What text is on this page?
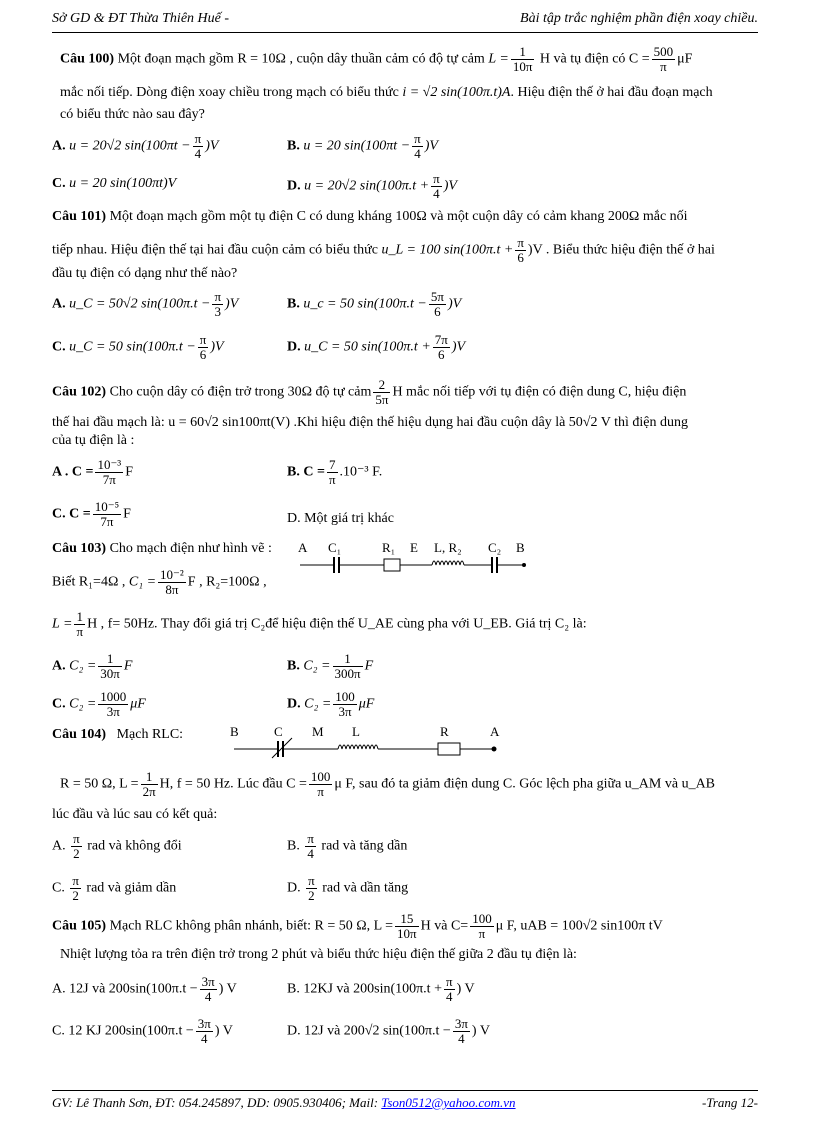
Sở GD & ĐT Thừa Thiên Huế -	Bài tập trắc nghiệm phần điện xoay chiều.
Câu 100) Một đoạn mạch gồm R = 10Ω , cuộn dây thuần cảm có độ tự cảm $L = \frac{1}{10\pi}$ H và tụ điện có $C = \frac{500}{\pi}$ μF
mắc nối tiếp. Dòng điện xoay chiều trong mạch có biểu thức i = √2 sin(100π.t)A. Hiệu điện thế ở hai đầu đoạn mạch
có biểu thức nào sau đây?
A. u = 20√2 $\sin(100\pi t - \frac{\pi}{4} )V$	B. u = 20 $\sin(100\pi t - \frac{\pi}{4} )V$
C. u = 20 sin(100πt)V	D. u = 20√2 $\sin(100\pi.t + \frac{\pi}{4} )V$
Câu 101) Một đoạn mạch gồm một tụ điện C có dung kháng 100Ω và một cuộn dây có cảm khang 200Ω mắc nối
tiếp nhau. Hiệu điện thế tại hai đầu cuộn cảm có biểu thức u_L = 100 $\sin(100\pi.t + \frac{\pi}{6} )V$ . Biểu thức hiệu điện thế ở hai
đầu tụ điện có dạng như thế nào?
A. u_C = 50√2 $\sin(100\pi.t - \frac{\pi}{3} )V$	B. u_c = 50 $\sin(100\pi.t - \frac{5\pi}{6} )V$
C. u_C = 50 $\sin(100\pi.t - \frac{\pi}{6} )V$	D. u_C = 50 $\sin(100\pi.t + \frac{7\pi}{6} )V$
Câu 102) Cho cuộn dây có điện trở trong 30Ω độ tự cảm $\frac{2}{5\pi}$ H mắc nối tiếp với tụ điện có điện dung C, hiệu điện
thế hai đầu mạch là: u = 60√2 sin100πt(V) .Khi hiệu điện thế hiệu dụng hai đầu cuộn dây là 50√2 V thì điện dung
của tụ điện là :
A . $C = \frac{\text{10⁻³}}{7\pi}$ F	B. $C = \frac{7}{\pi} .10^{-3}$ F.
C. $C = \frac{\text{10⁻⁵}}{7\pi}$ F	D. Một giá trị khác
Câu 103) Cho mạch điện như hình vẽ : A C₁	R₁ E L, R₂ C₂ B
Biết R₁=4Ω , $C_1 = \frac{\text{10⁻²}}{8\pi}$ F , R₂=100Ω ,
$L = \frac{1}{\pi}$ H , f= 50Hz. Thay đổi giá trị C₂để hiệu điện thế U_AE cùng pha với U_EB. Giá trị C₂ là:
A. $C_2 = \frac{1}{30\pi}$ F	B. $C_2 = \frac{1}{300\pi}$ F
C. $C_2 = \frac{1000}{3\pi}$ μF	D. $C_2 = \frac{100}{3\pi}$ μF
Câu 104) Mạch RLC:	B	C M L	R	A
R = 50 Ω, $L = \frac{1}{2\pi} H$, f = 50 Hz. Lúc đầu $C = \frac{100}{\pi}$ μ F, sau đó ta giảm điện dung C. Góc lệch pha giữa u_AM và u_AB
lúc đầu và lúc sau có kết quả:
A. $\frac{\pi}{2}$ rad và không đổi	B. $\frac{\pi}{4}$ rad và tăng dần
C. $\frac{\pi}{2}$ rad và giảm dần	D. $\frac{\pi}{2}$ rad và dần tăng
Câu 105) Mạch RLC không phân nhánh, biết: R = 50 Ω, $L = \frac{15}{10\pi}$ H và $C= \frac{100}{\pi}$ μ F, uAB = 100√2 sin100π tV
Nhiệt lượng tỏa ra trên điện trở trong 2 phút và biểu thức hiệu điện thế giữa 2 đầu tụ điện là:
A. 12J và $200\sin(100\pi.t - \frac{3\pi}{4}$ ) V	B. 12KJ và $200\sin(100\pi.t + \frac{\pi}{4}$ ) V
C. 12 KJ $200\sin(100\pi.t - \frac{3\pi}{4}$ ) V	D. 12J và 200√2 $\sin(100\pi.t - \frac{3\pi}{4}$ ) V
GV: Lê Thanh Sơn, ĐT: 054.245897, DD: 0905.930406; Mail: Tson0512@yahoo.com.vn	-Trang 12-
